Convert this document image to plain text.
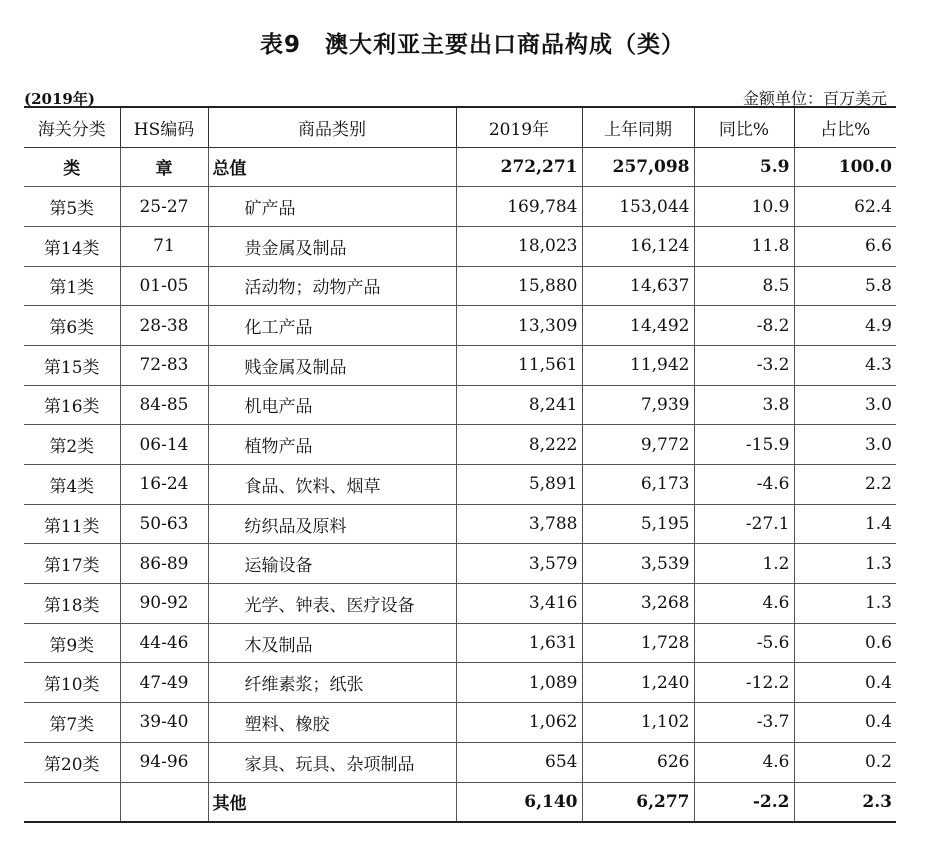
表9　澳大利亚主要出口商品构成（类）
(2019年)	金额单位：百万美元
海关分类	HS编码	商品类别	2019年	上年同期	同比%	占比%
类	章	总值	272,271	257,098	5.9	100.0
第5类	25-27	矿产品	169,784	153,044	10.9	62.4
第14类	71	贵金属及制品	18,023	16,124	11.8	6.6
第1类	01-05	活动物；动物产品	15,880	14,637	8.5	5.8
第6类	28-38	化工产品	13,309	14,492	-8.2	4.9
第15类	72-83	贱金属及制品	11,561	11,942	-3.2	4.3
第16类	84-85	机电产品	8,241	7,939	3.8	3.0
第2类	06-14	植物产品	8,222	9,772	-15.9	3.0
第4类	16-24	食品、饮料、烟草	5,891	6,173	-4.6	2.2
第11类	50-63	纺织品及原料	3,788	5,195	-27.1	1.4
第17类	86-89	运输设备	3,579	3,539	1.2	1.3
第18类	90-92	光学、钟表、医疗设备	3,416	3,268	4.6	1.3
第9类	44-46	木及制品	1,631	1,728	-5.6	0.6
第10类	47-49	纤维素浆；纸张	1,089	1,240	-12.2	0.4
第7类	39-40	塑料、橡胶	1,062	1,102	-3.7	0.4
第20类	94-96	家具、玩具、杂项制品	654	626	4.6	0.2
		其他	6,140	6,277	-2.2	2.3
